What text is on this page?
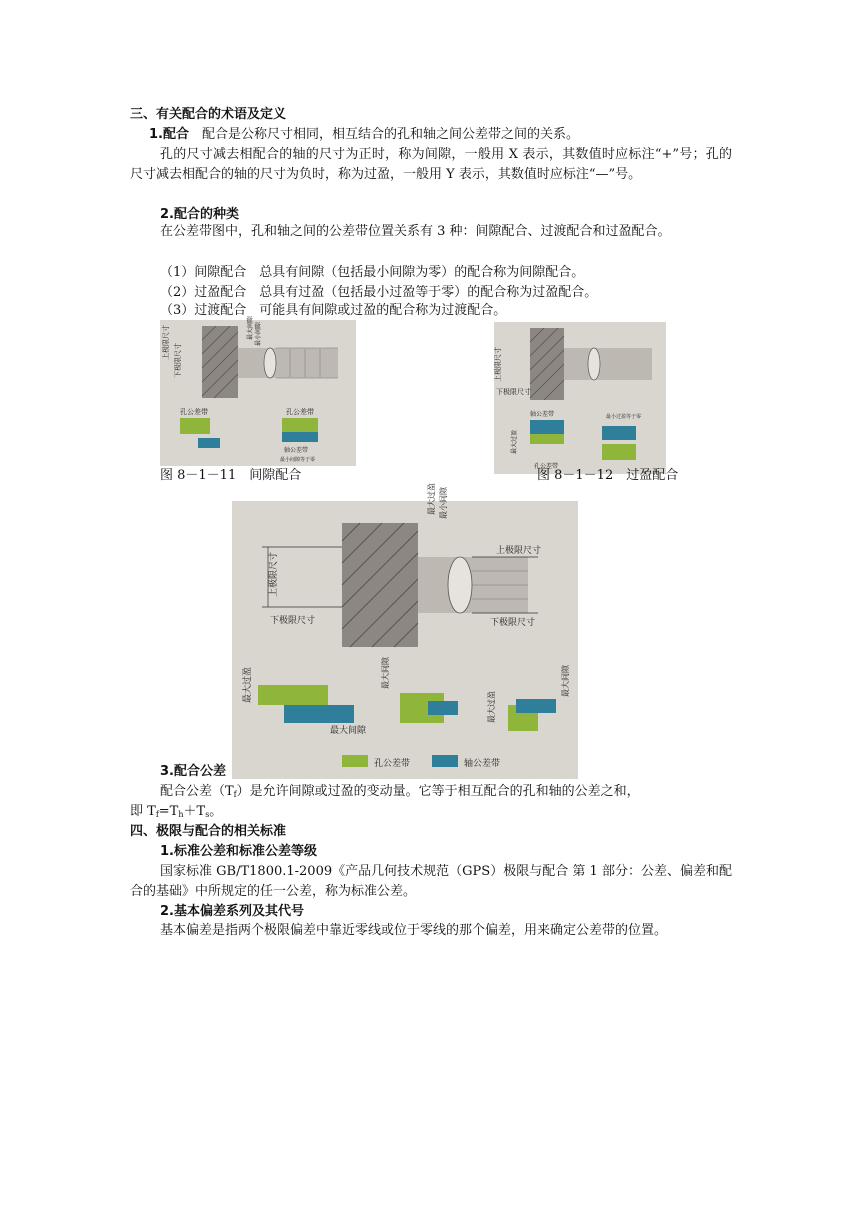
三、有关配合的术语及定义
1.配合　 配合是公称尺寸相同，相互结合的孔和轴之间公差带之间的关系。
孔的尺寸减去相配合的轴的尺寸为正时，称为间隙，一般用 X 表示，其数值时应标注“+”号；孔的尺寸减去相配合的轴的尺寸为负时，称为过盈，一般用 Y 表示，其数值时应标注“—”号。
2.配合的种类
在公差带图中，孔和轴之间的公差带位置关系有 3 种：间隙配合、过渡配合和过盈配合。
（1）间隙配合　总具有间隙（包括最小间隙为零）的配合称为间隙配合。
（2）过盈配合　总具有过盈（包括最小过盈等于零）的配合称为过盈配合。
（3）过渡配合　可能具有间隙或过盈的配合称为过渡配合。
上极限尺寸
下极限尺寸
最大间隙 最小间隙
孔公差带	孔公差带
轴公差带
最小间隙等于零
上极限尺寸
下极限尺寸
轴公差带
最大过盈
最小过盈等于零
孔公差带
图 8－1－11　间隙配合	图 8－1－12　过盈配合
最大过盈 最小间隙
上极限尺寸
上极限尺寸
下极限尺寸	下极限尺寸
最大过盈
最大间隙
最大间隙
最大过盈
最大间隙
孔公差带	轴公差带
3.配合公差
配合公差$(T_f)$是允许间隙或过盈的变动量。它等于相互配合的孔和轴的公差之和，
即 $T_f=T_h+T_s$。
四、极限与配合的相关标准
1.标准公差和标准公差等级
国家标准 GB/T1800.1-2009《产品几何技术规范（GPS）极限与配合 第 1 部分：公差、偏差和配合的基础》中所规定的任一公差，称为标准公差。
2.基本偏差系列及其代号
基本偏差是指两个极限偏差中靠近零线或位于零线的那个偏差，用来确定公差带的位置。
